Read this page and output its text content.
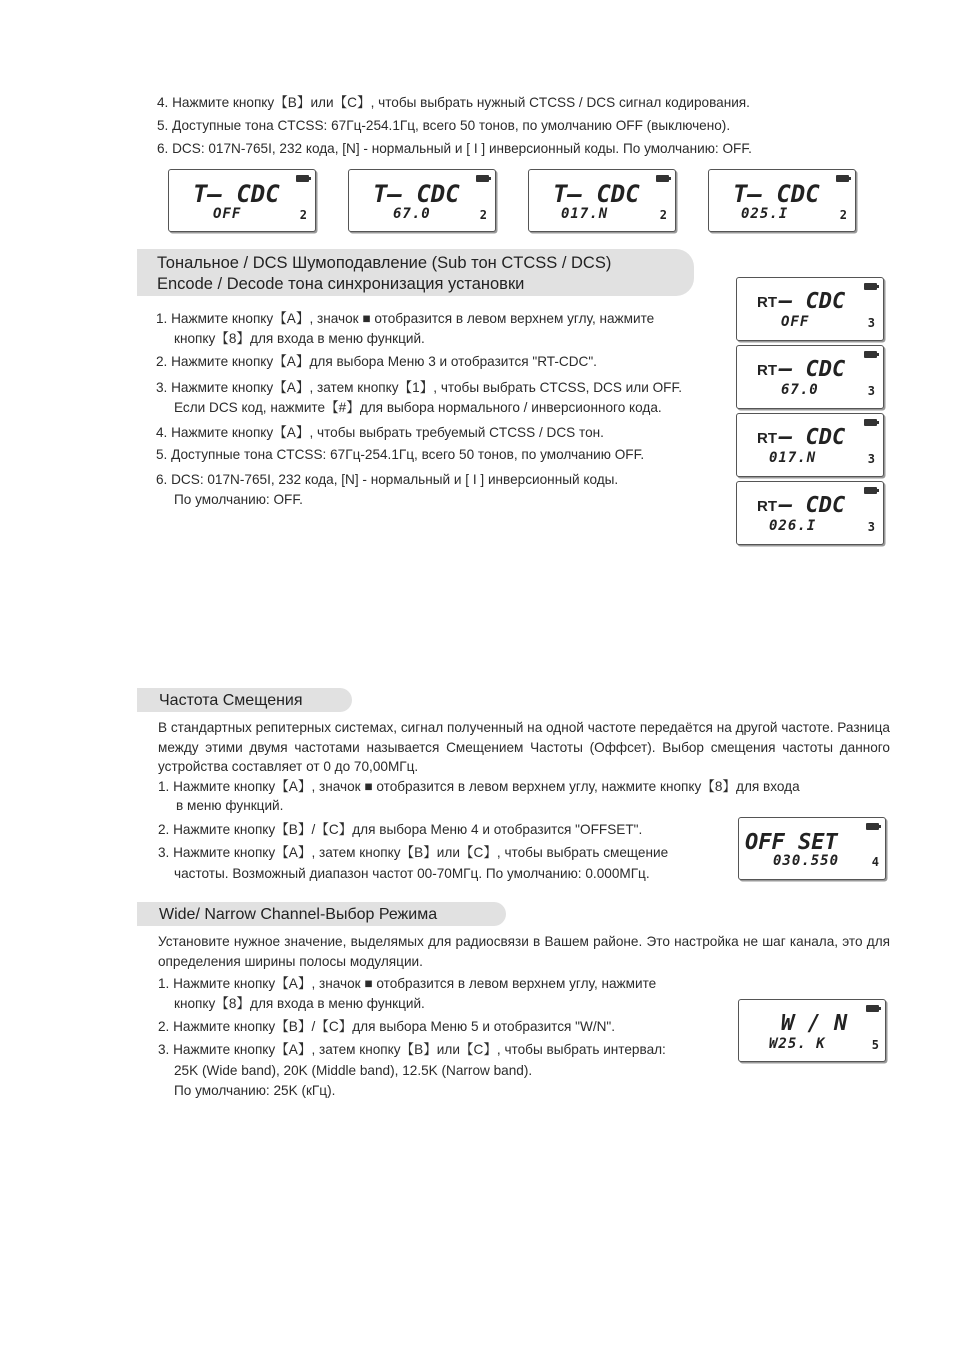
4. Нажмите кнопку【B】или【C】, чтобы выбрать нужный CTCSS / DCS сигнал кодирования.
5. Доступные тона CTCSS: 67Гц-254.1Гц, всего 50 тонов, по умолчанию OFF (выключено).
6. DCS: 017N-765I, 232 кода, [N] - нормальный и [ I ] инверсионный коды. По умолчанию: OFF.
T— CDC
OFF	2
T— CDC
67.0	2
T— CDC
017.N	2
T— CDC
025.I	2
Тональное / DCS Шумоподавление (Sub тон CTCSS / DCS)
Encode / Decode тона синхронизация установки
1. Нажмите кнопку【A】, значок ■ отобразится в левом верхнем углу, нажмите
кнопку【8】для входа в меню функций.
2. Нажмите кнопку【A】для выбора Меню 3 и отобразится "RT-CDC".
3. Нажмите кнопку【A】, затем кнопку【1】, чтобы выбрать CTCSS, DCS или OFF.
Если DCS код, нажмите【#】для выбора нормального / инверсионного кода.
4. Нажмите кнопку【A】, чтобы выбрать требуемый CTCSS / DCS тон.
5. Доступные тона CTCSS: 67Гц-254.1Гц, всего 50 тонов, по умолчанию OFF.
6. DCS: 017N-765I, 232 кода, [N] - нормальный и [ I ] инверсионный коды.
По умолчанию: OFF.
RT — CDC
OFF	3
RT — CDC
67.0	3
RT — CDC
017.N	3
RT — CDC
026.I	3
Частота Смещения
В стандартных репитерных системах, сигнал полученный на одной частоте передаётся на другой частоте. Разница между этими двумя частотами называется Смещением Частоты (Оффсет). Выбор смещения частоты данного устройства составляет от 0 до 70,00МГц.
1. Нажмите кнопку【A】, значок ■ отобразится в левом верхнем углу, нажмите кнопку【8】для входа
в меню функций.
2. Нажмите кнопку【B】/【C】для выбора Меню 4 и отобразится "OFFSET".
3. Нажмите кнопку【A】, затем кнопку【B】или【C】, чтобы выбрать смещение
частоты. Возможный диапазон частот 00-70МГц. По умолчанию: 0.000МГц.
OFF SET
030.550	4
Wide/ Narrow Channel-Выбор Режима
Установите нужное значение, выделямых для радиосвязи в Вашем районе. Это настройка не шаг канала, это для определения ширины полосы модуляции.
1. Нажмите кнопку【A】, значок ■ отобразится в левом верхнем углу, нажмите
кнопку【8】для входа в меню функций.
2. Нажмите кнопку【B】/【C】для выбора Меню 5 и отобразится "W/N".
3. Нажмите кнопку【A】, затем кнопку【B】или【C】, чтобы выбрать интервал:
25K (Wide band), 20K (Middle band), 12.5K (Narrow band).
По умолчанию: 25K (кГц).
W / N
W25. K	5
